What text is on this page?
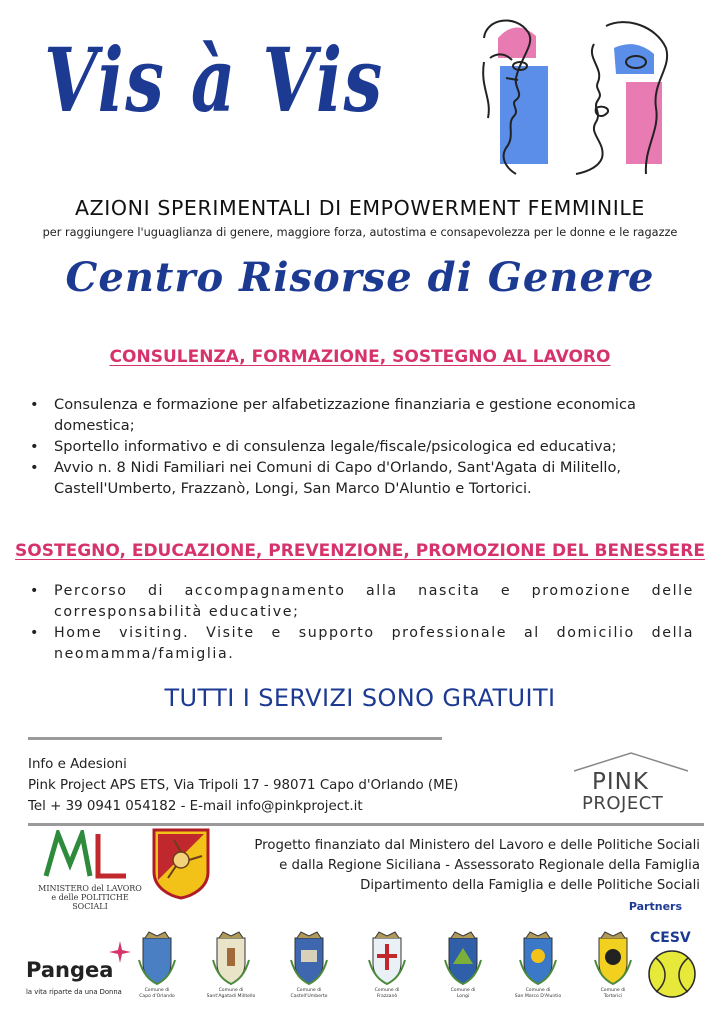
Vis à Vis
AZIONI SPERIMENTALI DI EMPOWERMENT FEMMINILE
per raggiungere l'uguaglianza di genere, maggiore forza, autostima e consapevolezza per le donne e le ragazze
Centro Risorse di Genere
CONSULENZA, FORMAZIONE, SOSTEGNO AL LAVORO
• Consulenza e formazione per alfabetizzazione finanziaria e gestione economica domestica;
• Sportello informativo e di consulenza legale/fiscale/psicologica ed educativa;
• Avvio n. 8 Nidi Familiari nei Comuni di Capo d'Orlando, Sant'Agata di Militello, Castell'Umberto, Frazzanò, Longi, San Marco D'Aluntio e Tortorici.
SOSTEGNO, EDUCAZIONE, PREVENZIONE, PROMOZIONE DEL BENESSERE
• Percorso di accompagnamento alla nascita e promozione delle corresponsabilità educative;
• Home visiting. Visite e supporto professionale al domicilio della neomamma/famiglia.
TUTTI I SERVIZI SONO GRATUITI
Info e Adesioni
Pink Project APS ETS, Via Tripoli 17 - 98071 Capo d'Orlando (ME)
Tel + 39 0941 054182 - E-mail info@pinkproject.it
PINK
PROJECT
MINISTERO del LAVORO
e delle POLITICHE SOCIALI
Progetto finanziato dal Ministero del Lavoro e delle Politiche Sociali
e dalla Regione Siciliana - Assessorato Regionale della Famiglia
Dipartimento della Famiglia e delle Politiche Sociali
Partners
Pangea
la vita riparte da una Donna	Comune di
Capo d'Orlando
Comune di
Sant'Agatadi Militello
Comune di
Castell'Umberto
Comune di
Frazzanò
Comune di
Longi
Comune di
San Marco D'Aluntio
Comune di
Tortorici
CESV
